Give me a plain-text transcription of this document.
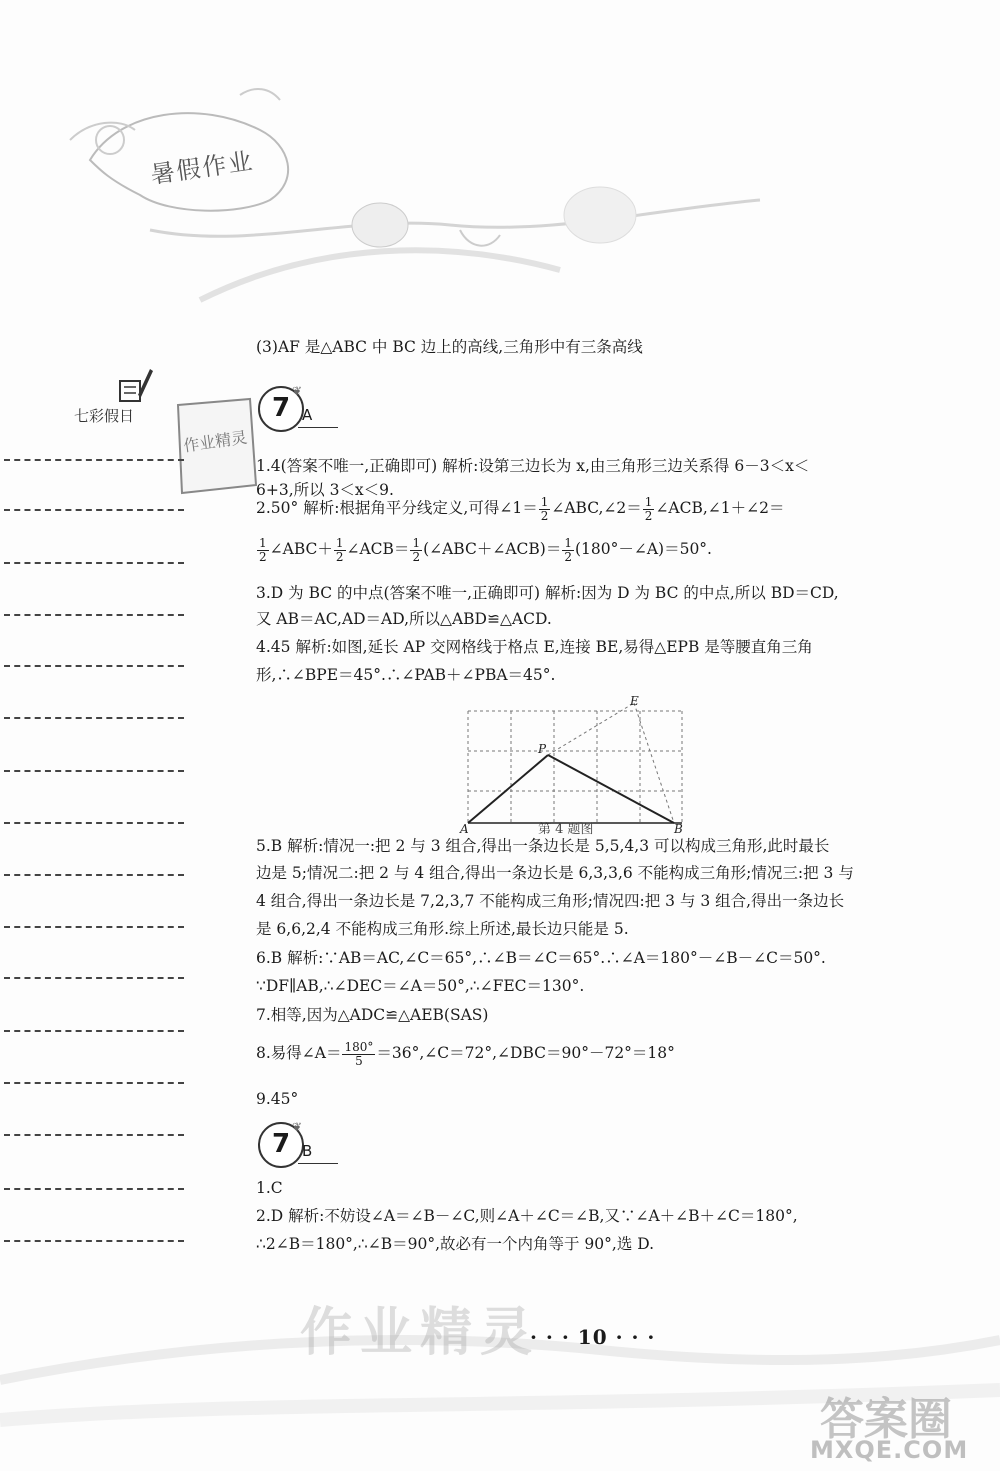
暑假作业
七彩假日
作业精灵
(3)AF 是△ABC 中 BC 边上的高线,三角形中有三条高线
7
❦
A
1.4(答案不唯一,正确即可) 解析:设第三边长为 x,由三角形三边关系得 6－3＜x＜
6+3,所以 3＜x＜9.
2.50° 解析:根据角平分线定义,可得∠1＝ $\frac{1}{2}$ ∠ABC,∠2＝ $\frac{1}{2}$ ∠ACB,∠1＋∠2＝
$\frac{1}{2}$ ∠ABC＋ $\frac{1}{2}$ ∠ACB＝ $\frac{1}{2}$ (∠ABC＋∠ACB)＝ $\frac{1}{2}$ (180°－∠A)＝50°.
3.D 为 BC 的中点(答案不唯一,正确即可) 解析:因为 D 为 BC 的中点,所以 BD＝CD,
又 AB＝AC,AD＝AD,所以△ABD≌△ACD.
4.45 解析:如图,延长 AP 交网格线于格点 E,连接 BE,易得△EPB 是等腰直角三角
形,∴∠BPE＝45°.∴∠PAB＋∠PBA＝45°.
A	B
P
E
第 4 题图
5.B 解析:情况一:把 2 与 3 组合,得出一条边长是 5,5,4,3 可以构成三角形,此时最长
边是 5;情况二:把 2 与 4 组合,得出一条边长是 6,3,3,6 不能构成三角形;情况三:把 3 与
4 组合,得出一条边长是 7,2,3,7 不能构成三角形;情况四:把 3 与 3 组合,得出一条边长
是 6,6,2,4 不能构成三角形.综上所述,最长边只能是 5.
6.B 解析:∵AB＝AC,∠C＝65°,∴∠B＝∠C＝65°.∴∠A＝180°－∠B－∠C＝50°.
∵DF∥AB,∴∠DEC＝∠A＝50°,∴∠FEC＝130°.
7.相等,因为△ADC≌△AEB(SAS)
8.易得∠A＝ $\frac{180^\circ}{5}$ ＝36°,∠C＝72°,∠DBC＝90°－72°＝18°
9.45°
7
❦
B
1.C
2.D 解析:不妨设∠A＝∠B－∠C,则∠A＋∠C＝∠B,又∵∠A＋∠B＋∠C＝180°,
∴2∠B＝180°,∴∠B＝90°,故必有一个内角等于 90°,选 D.
作业精灵
· · · 10 · · ·
答案圈
MXQE.COM
